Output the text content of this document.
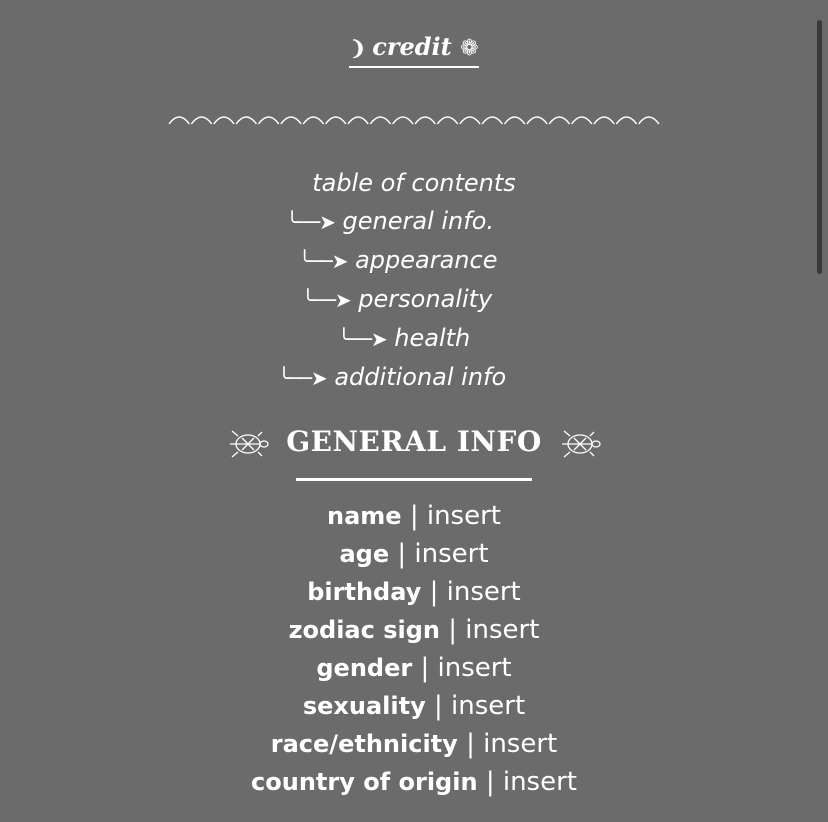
❩ credit ❁
table of contents
╰──➤ general info.
╰──➤ appearance
╰──➤ personality
╰──➤ health
╰──➤ additional info
GENERAL INFO
name | insert
age | insert
birthday | insert
zodiac sign | insert
gender | insert
sexuality | insert
race/ethnicity | insert
country of origin | insert
